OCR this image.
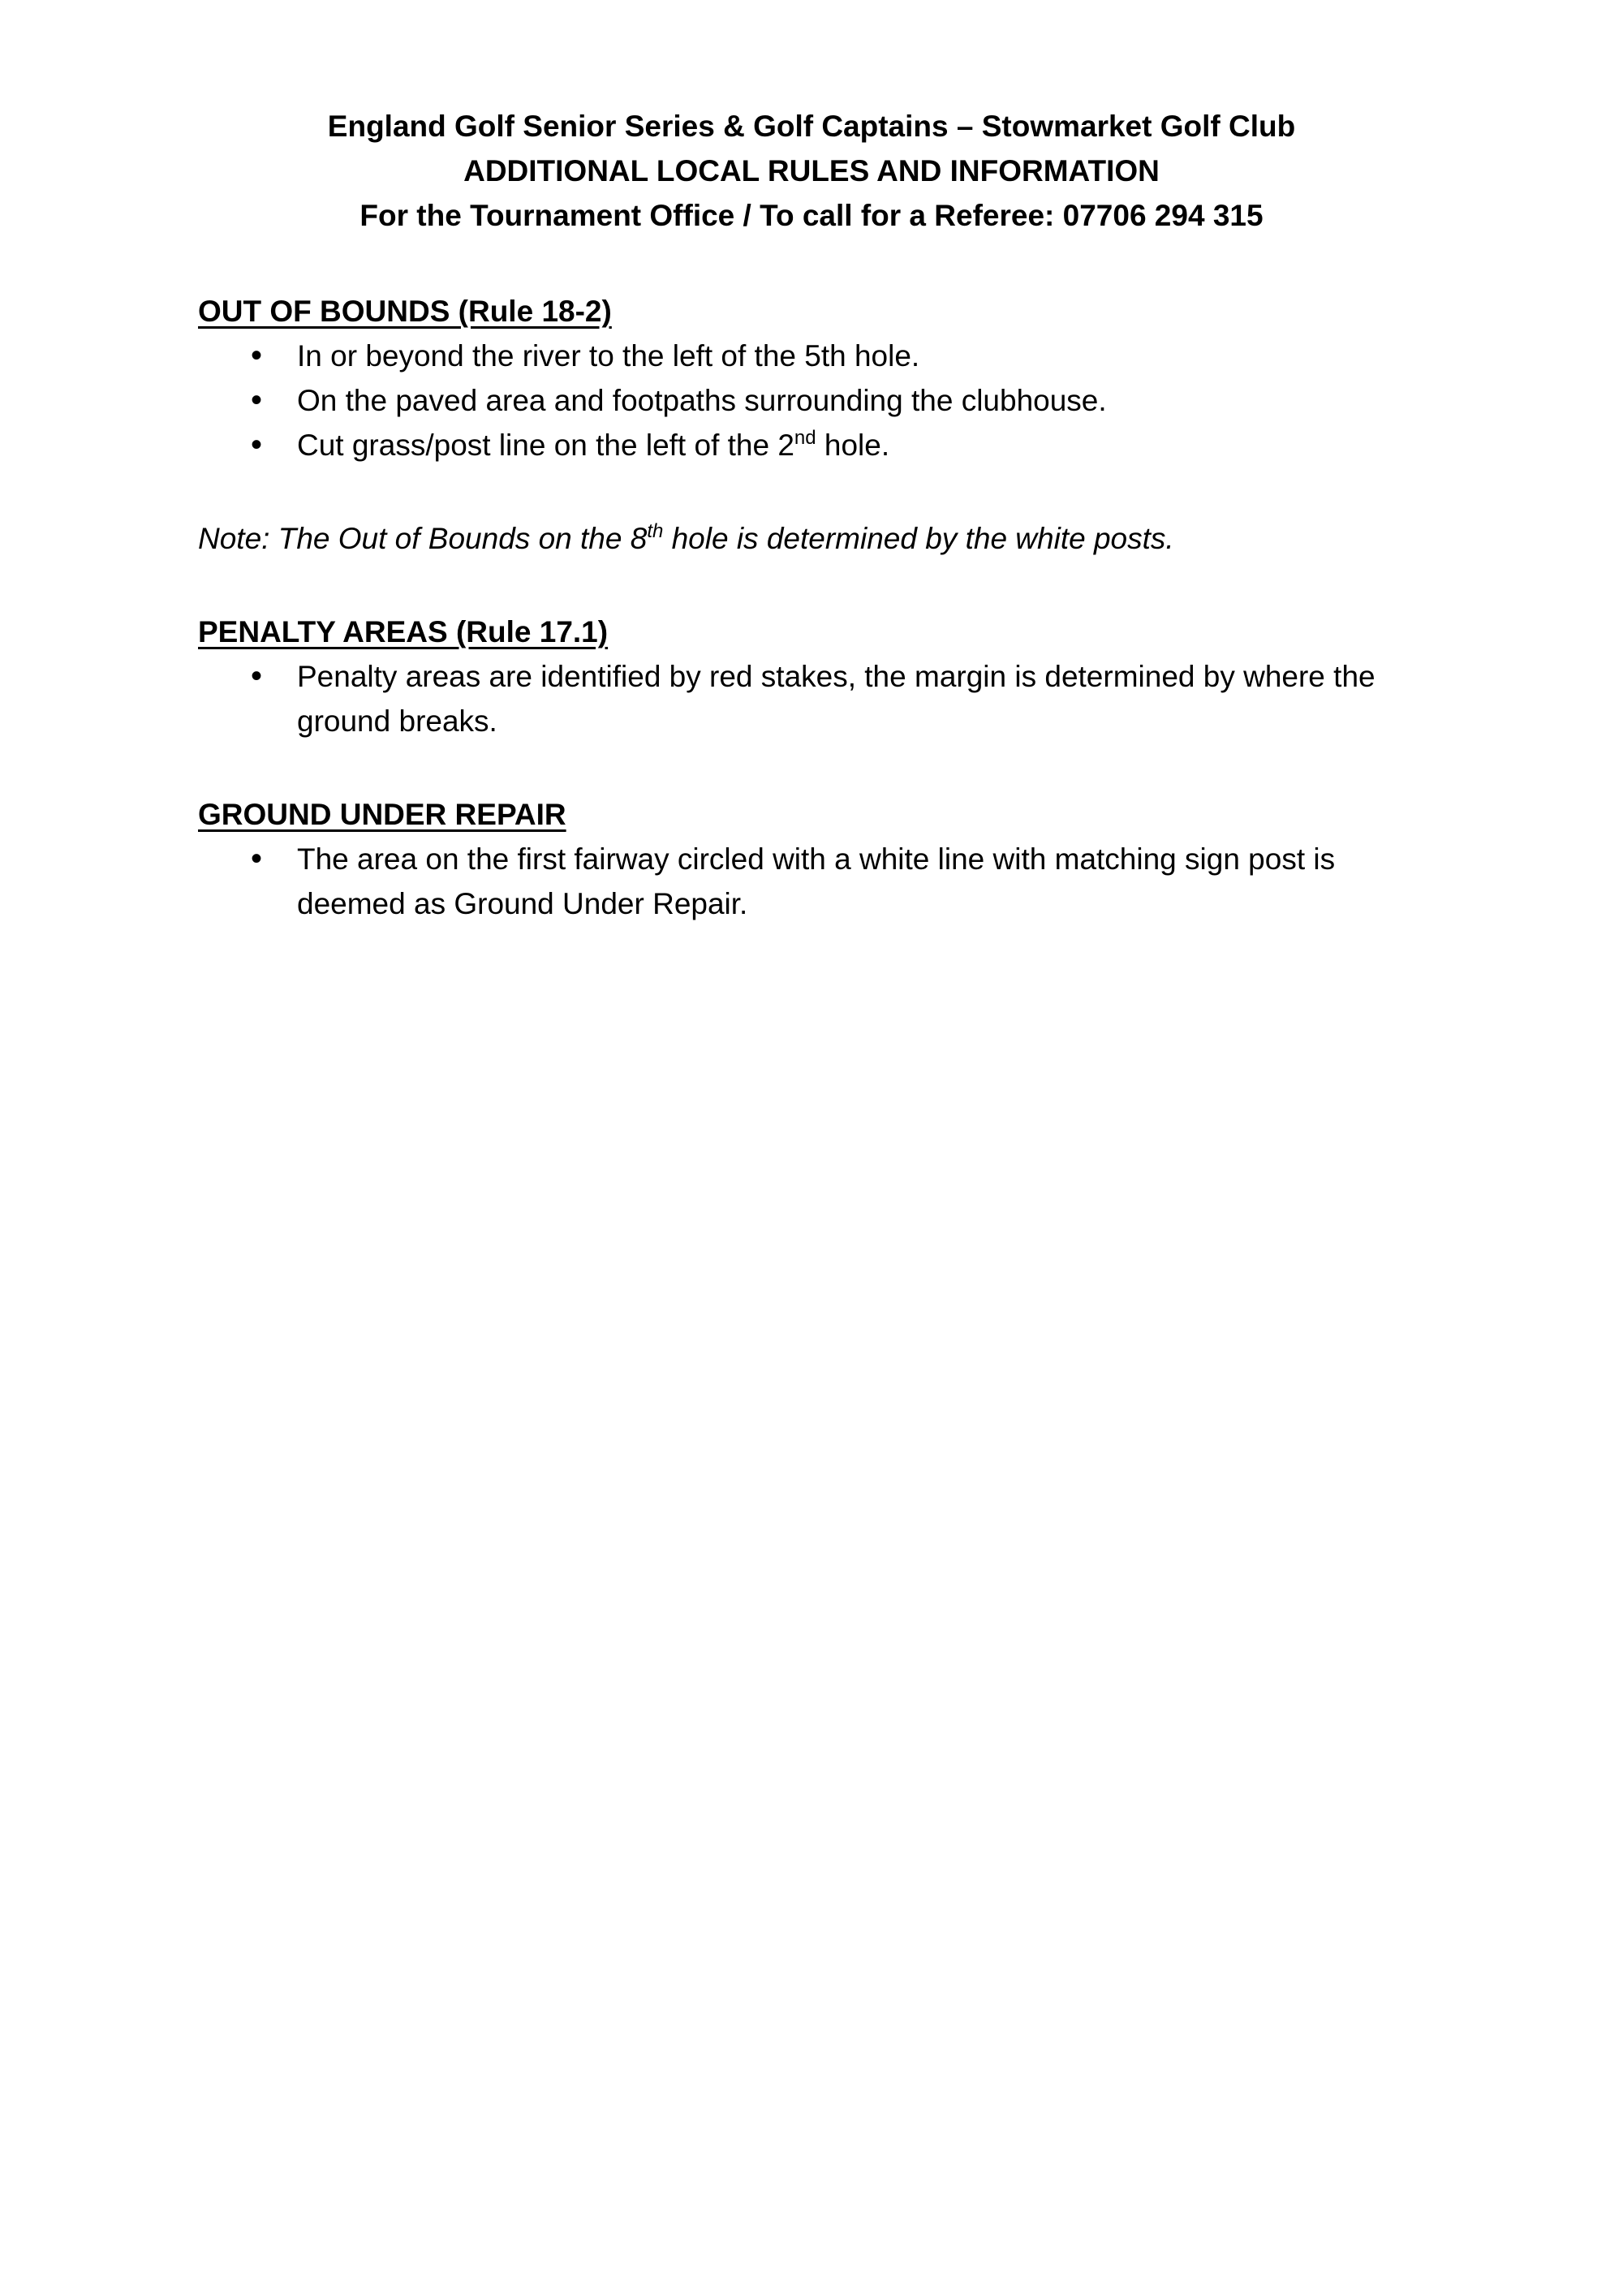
England Golf Senior Series & Golf Captains – Stowmarket Golf Club
ADDITIONAL LOCAL RULES AND INFORMATION
For the Tournament Office / To call for a Referee: 07706 294 315

OUT OF BOUNDS (Rule 18-2)

• In or beyond the river to the left of the 5th hole.
• On the paved area and footpaths surrounding the clubhouse.
• Cut grass/post line on the left of the 2nd hole.

Note: The Out of Bounds on the 8th hole is determined by the white posts.

PENALTY AREAS (Rule 17.1)

• Penalty areas are identified by red stakes, the margin is determined by where the ground breaks.

GROUND UNDER REPAIR

• The area on the first fairway circled with a white line with matching sign post is deemed as Ground Under Repair.
